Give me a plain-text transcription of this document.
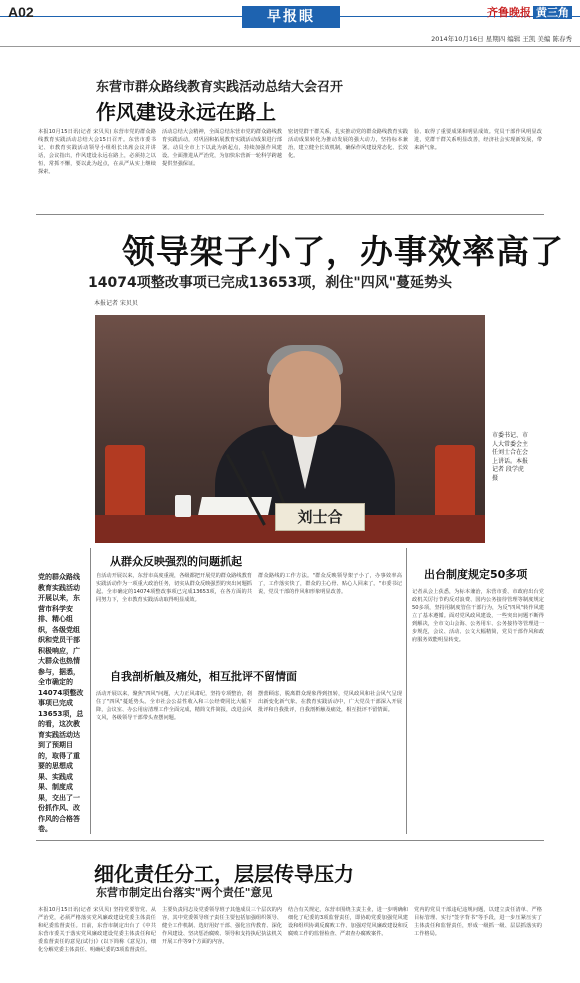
A02	早报眼	齐鲁晚报 黄三角
2014年10月16日 星期四 编辑 王凯 美编 陈春秀
东营市群众路线教育实践活动总结大会召开
作风建设永远在路上
本报10月15日讯(记者 宋贝贝) 东营市党的群众路线教育实践活动总结大会15日召开。东营市委书记、市教育实践活动领导小组组长出席会议并讲话，会议指出，作风建设永远在路上，必须持之以恒，常抓不懈，要以此为起点，在从严从实上继续探索。
活动总结大会精神，全面总结东营市党的群众路线教育实践活动，对巩固和拓展教育实践活动成果进行部署。动员全市上下以此为新起点，持续加强作风建设。全面推进从严治党，为加快东营新一轮科学跨越提供坚强保证。
密切党群干群关系，扎实推动党的群众路线教育实践活动成果转化为推动发展的强大动力，坚持标本兼治，建立健全长效机制，确保作风建设常态化、长效化。
验、取得了重要成果和明显成效。党员干部作风明显改进，党群干群关系明显改善，经济社会实现新发展，带来新气象。
领导架子小了，办事效率高了
14074项整改事项已完成13653项，刹住"四风"蔓延势头
本报记者 宋贝贝
刘士合
市委书记、市人大常委会主任刘士合在会上讲话。本报记者 段学虎 摄
党的群众路线教育实践活动开展以来，东营市科学安排、精心组织，各级党组织和党员干部积极响应，广大群众也热情参与，据悉，全市确定的14074项整改事项已完成13653项，总的看，这次教育实践活动达到了预期目的，取得了重要的思想成果、实践成果、制度成果，交出了一份抓作风、改作风的合格答卷。
从群众反映强烈的问题抓起
自活动开展以来，东营市高度重视，各级都把开展党的群众路线教育实践活动作为一项重大政治任务，切实从群众反映强烈的突出问题抓起。全市确定的14074项整改事项已完成13653项，在各方面的共同努力下，全市教育实践活动取得明显成效。
群众路线的工作方法。"群众反映领导架子小了，办事效率高了，工作落实快了，群众的主心骨、贴心人回来了。"市委书记说，党员干部的作风和形象明显改善。
自我剖析触及痛处，相互批评不留情面
活动开展以来，聚焦"四风"问题，大力正风肃纪，坚持专项整治，刹住了"四风"蔓延势头。全市社会公益性收入和三公经费同比大幅下降，会议室、办公用房清理工作全面完成，精简文件简报，改进会风文风，各级领导干部带头查摆问题。
摆蕾顾虑，脱离群众现象得到扭转，党风政风和社会风气呈现出新变化新气象。在教育实践活动中，广大党员干部深入开展批评和自我批评，自我剖析触及痛处，相互批评不留情面。
出台制度规定50多项
记者从会上获悉，为标本兼治，东营市委、市政府出台党政机关厉行节约反对浪费、国内公务接待管理等制度规定50多项，坚持用制度管住干部行为，为反"四风"转作风建立了基本遵循。面对党风政风建设，一些突出问题不断得到解决，全市文山会海、公务用车、公务接待等管理进一步规范，会议、活动、公文大幅精简，党员干部作风和政府服务效能明显转变。
细化责任分工，层层传导压力
东营市制定出台落实"两个责任"意见
本报10月15日讯(记者 宋贝贝) 坚持党要管党、从严治党，必须严格落实党风廉政建设党委主体责任和纪委监督责任。日前，东营市制定出台了《中共东营市委关于落实党风廉政建设党委主体责任和纪委监督责任的意见(试行)》(以下简称《意见》)，细化分解党委主体责任、明确纪委的3项监督责任。
主要负责同志及党委领导班子其他成员三个层次的内容，其中党委领导班子责任主要包括加强组织领导、健全工作机制、选好用好干部、强化宣传教育、深化作风建设、坚决惩治腐败、领导和支持执纪执法机关开展工作等9个方面的内容。
结合有关规定，东营市围绕主责主业，进一步明确和细化了纪委的3项监督责任，即协助党委加强党风建设和组织协调反腐败工作、加强对党风廉政建设和反腐败工作的监督检查、严肃查办腐败案件。
党内的党员干部违纪违规问题，以建立责任清单、严格目标管理、实行"签字背书"等手段，进一步压紧压实了主体责任和监督责任，形成一级抓一级、层层抓落实的工作格局。
